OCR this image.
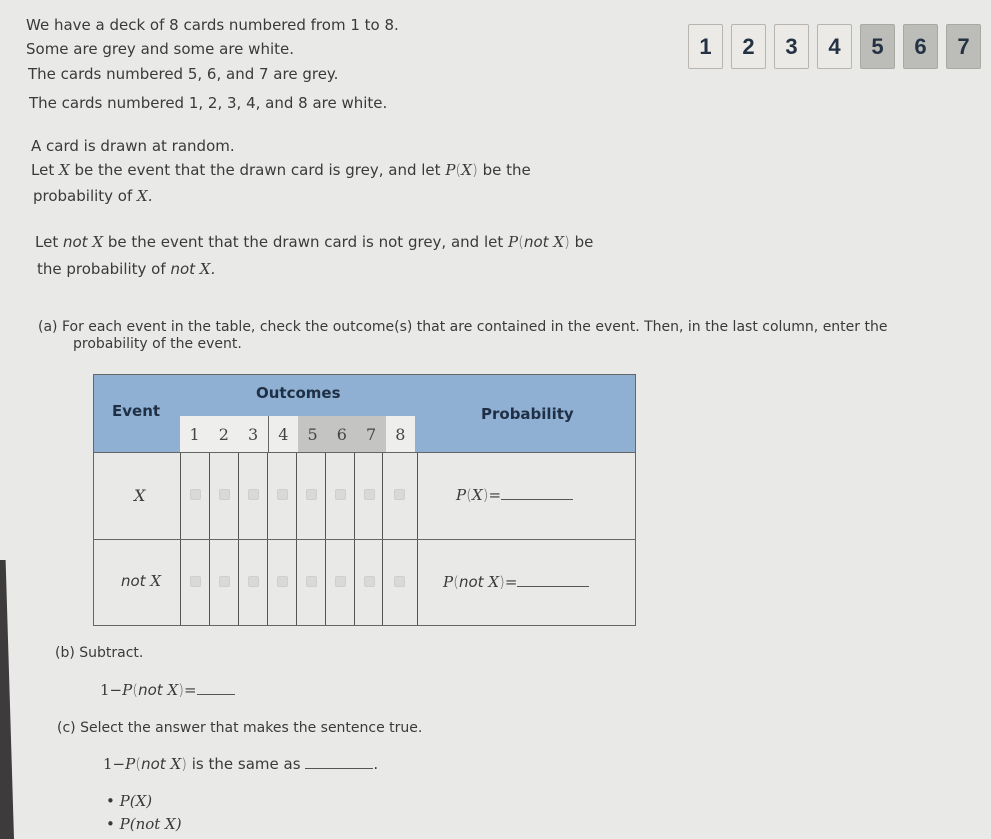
We have a deck of 8 cards numbered from 1 to 8.
Some are grey and some are white.
The cards numbered 5, 6, and 7 are grey.
The cards numbered 1, 2, 3, 4, and 8 are white.
1	2	3	4	5	6	7
A card is drawn at random.
Let X be the event that the drawn card is grey, and let P(X) be the
probability of X.
Let not X be the event that the drawn card is not grey, and let P(not X) be
the probability of not X.
(a) For each event in the table, check the outcome(s) that are contained in the event. Then, in the last column, enter the
probability of the event.
Event
Outcomes
Probability
1	2	3	4	5	6	7	8
X	P(X)=
not X	P(not X)=
(b) Subtract.
1−P(not X)=
(c) Select the answer that makes the sentence true.
1−P(not X) is the same as	.
• P(X)
• P(not X)
